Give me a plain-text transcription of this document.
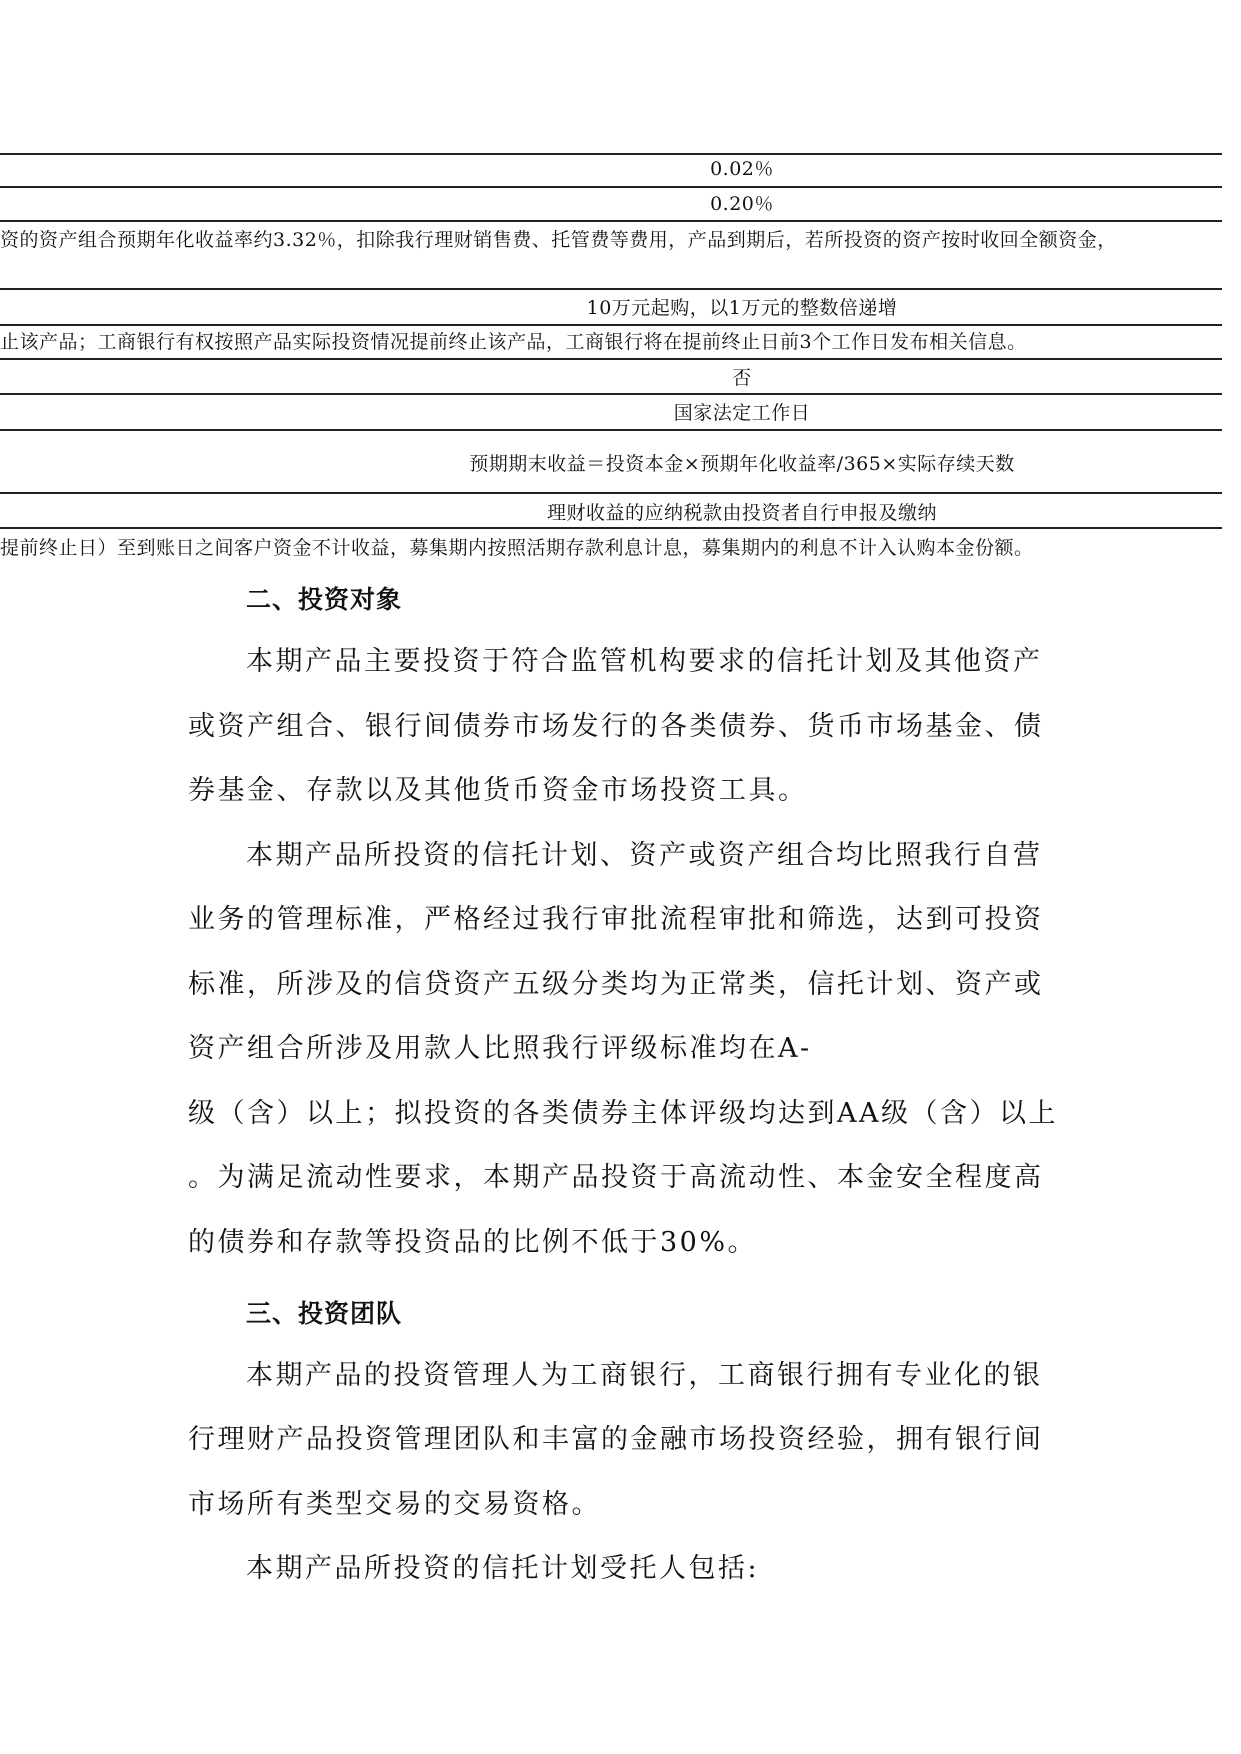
0.02％
0.20％
资的资产组合预期年化收益率约3.32％，扣除我行理财销售费、托管费等费用，产品到期后，若所投资的资产按时收回全额资金，
10万元起购，以1万元的整数倍递增
止该产品；工商银行有权按照产品实际投资情况提前终止该产品，工商银行将在提前终止日前3个工作日发布相关信息。
否
国家法定工作日
预期期末收益＝投资本金×预期年化收益率/365×实际存续天数
理财收益的应纳税款由投资者自行申报及缴纳
提前终止日）至到账日之间客户资金不计收益，募集期内按照活期存款利息计息，募集期内的利息不计入认购本金份额。
二、投资对象
本期产品主要投资于符合监管机构要求的信托计划及其他资产
或资产组合、银行间债券市场发行的各类债券、货币市场基金、债
券基金、存款以及其他货币资金市场投资工具。
本期产品所投资的信托计划、资产或资产组合均比照我行自营
业务的管理标准，严格经过我行审批流程审批和筛选，达到可投资
标准，所涉及的信贷资产五级分类均为正常类，信托计划、资产或
资产组合所涉及用款人比照我行评级标准均在A-
级（含）以上；拟投资的各类债券主体评级均达到AA级（含）以上
。为满足流动性要求，本期产品投资于高流动性、本金安全程度高
的债券和存款等投资品的比例不低于30%。
三、投资团队
本期产品的投资管理人为工商银行，工商银行拥有专业化的银
行理财产品投资管理团队和丰富的金融市场投资经验，拥有银行间
市场所有类型交易的交易资格。
本期产品所投资的信托计划受托人包括:
